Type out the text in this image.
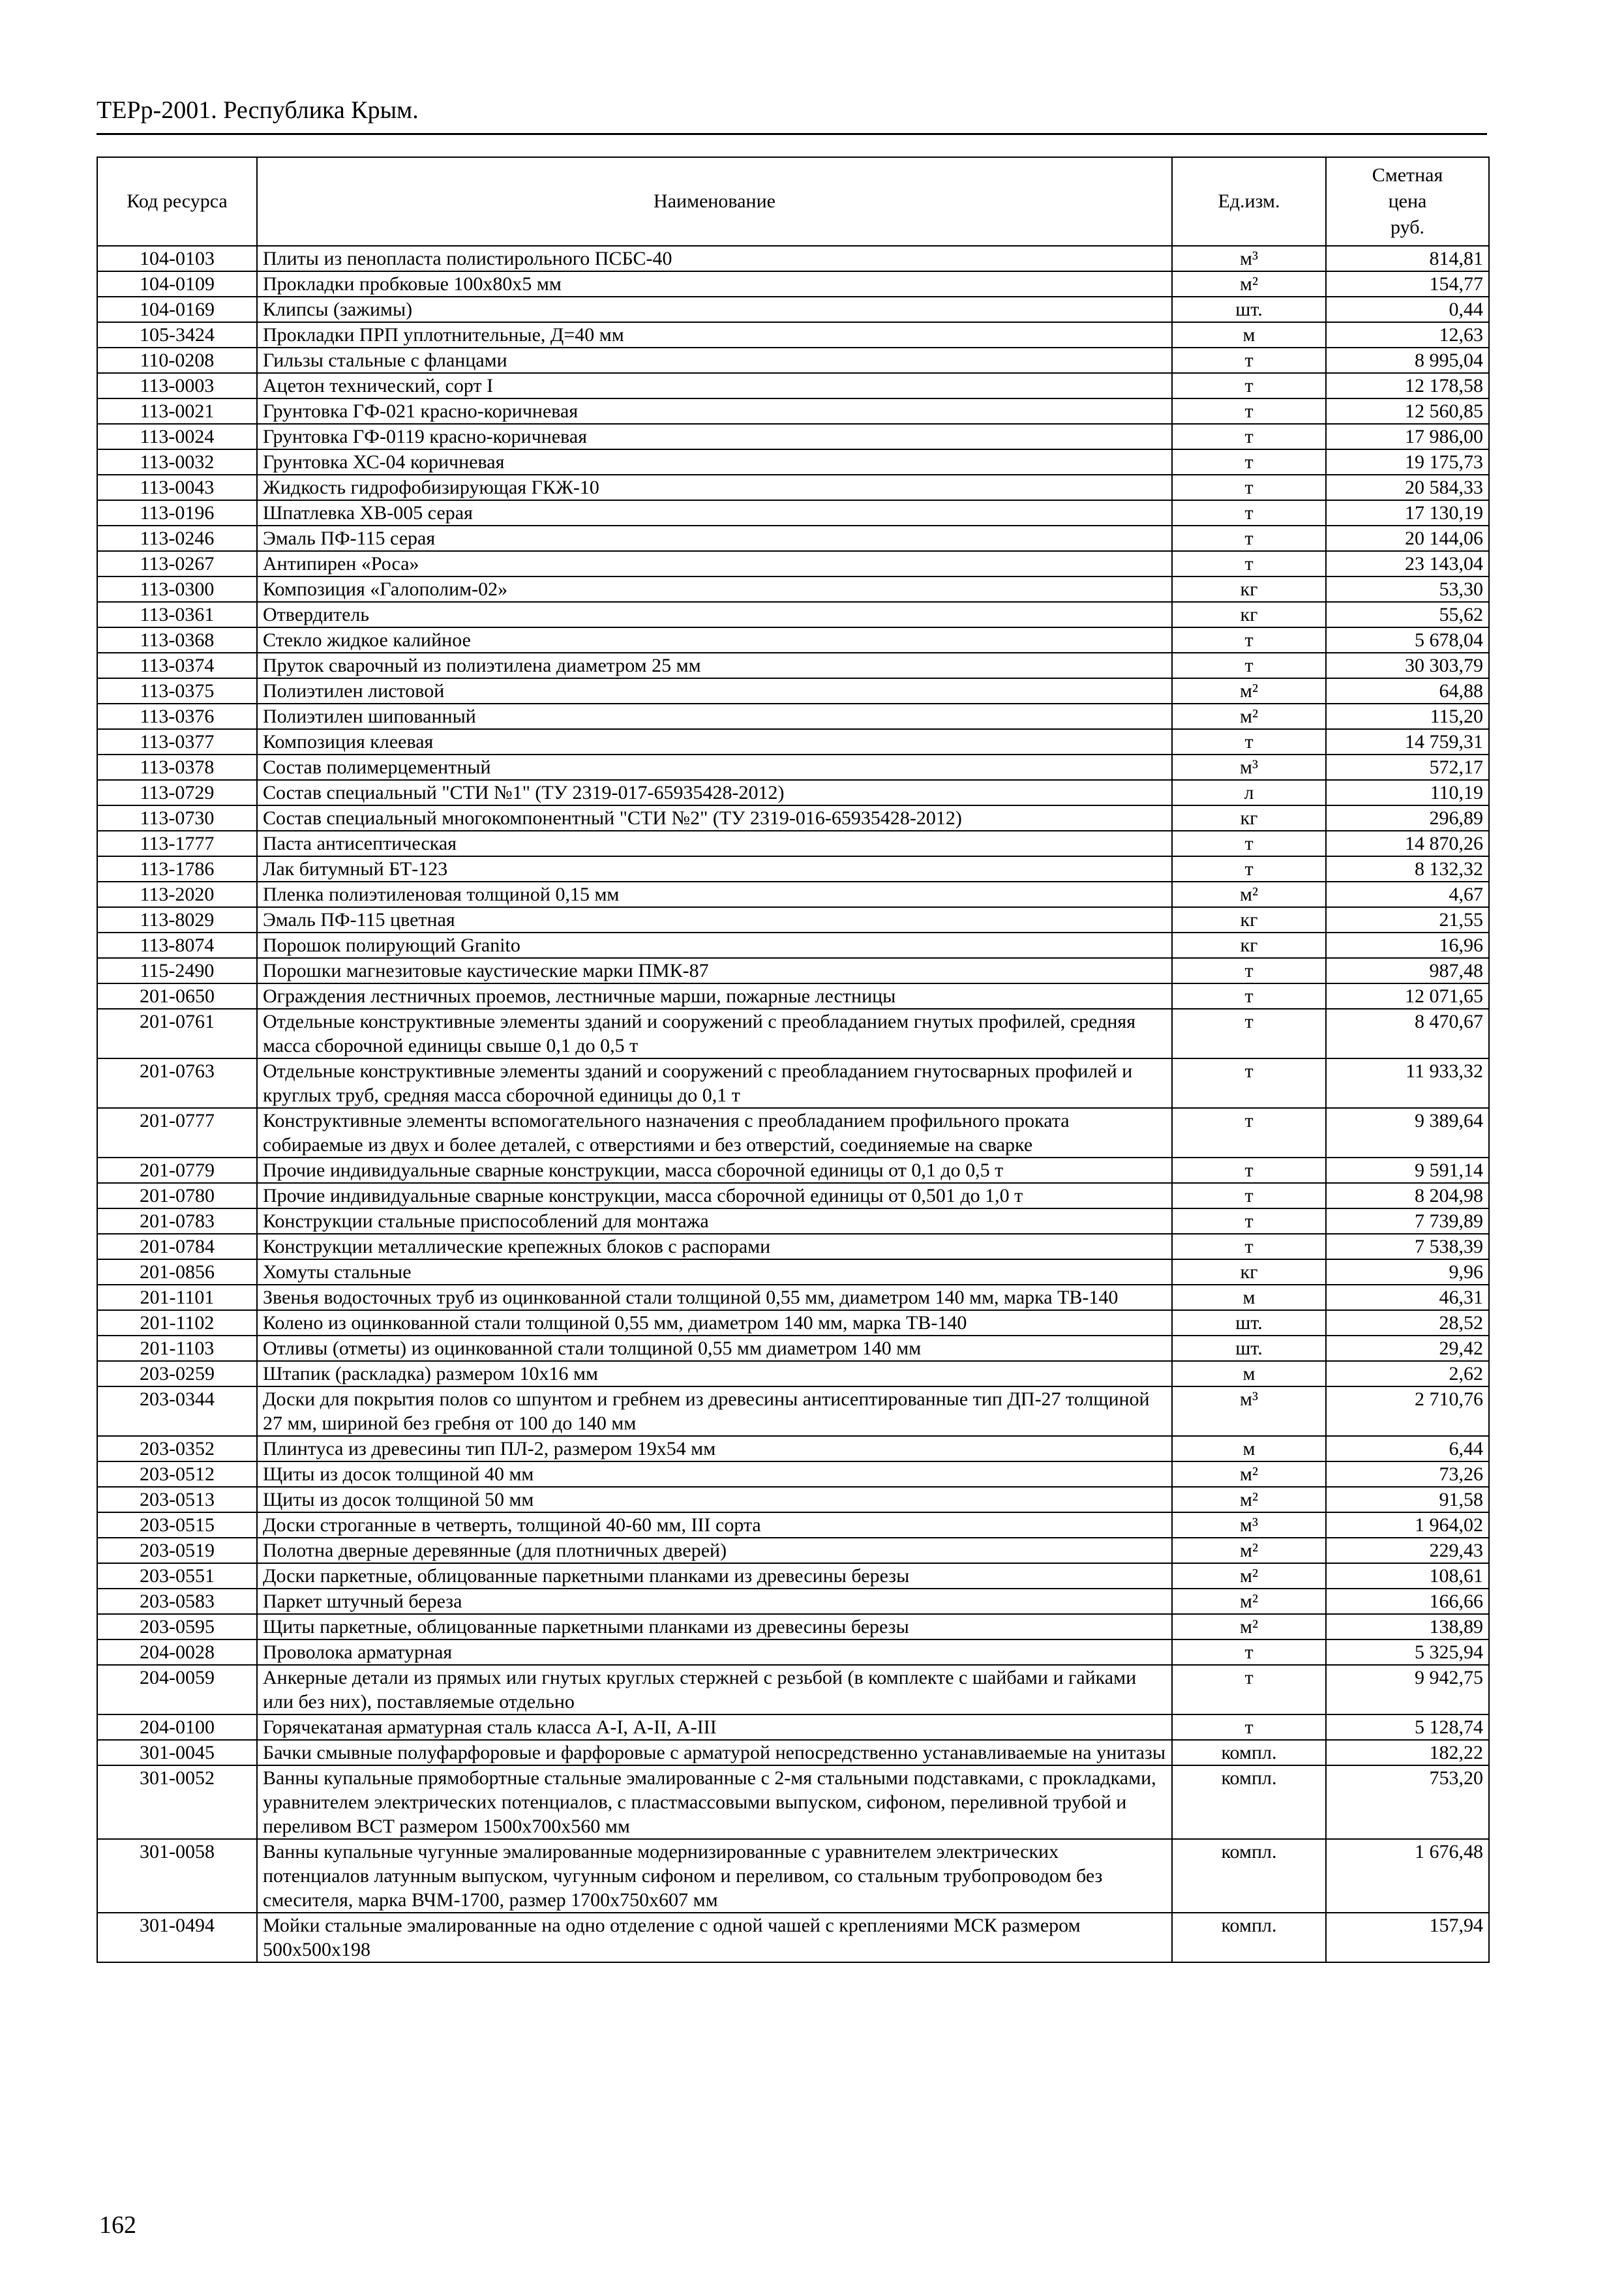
ТЕРр-2001. Республика Крым.
Код ресурса	Наименование	Ед.изм.	Сметная
цена
руб.
104-0103	Плиты из пенопласта полистирольного ПСБС-40	м³	814,81
104-0109	Прокладки пробковые 100х80х5 мм	м²	154,77
104-0169	Клипсы (зажимы)	шт.	0,44
105-3424	Прокладки ПРП уплотнительные, Д=40 мм	м	12,63
110-0208	Гильзы стальные с фланцами	т	8 995,04
113-0003	Ацетон технический, сорт I	т	12 178,58
113-0021	Грунтовка ГФ-021 красно-коричневая	т	12 560,85
113-0024	Грунтовка ГФ-0119 красно-коричневая	т	17 986,00
113-0032	Грунтовка ХС-04 коричневая	т	19 175,73
113-0043	Жидкость гидрофобизирующая ГКЖ-10	т	20 584,33
113-0196	Шпатлевка ХВ-005 серая	т	17 130,19
113-0246	Эмаль ПФ-115 серая	т	20 144,06
113-0267	Антипирен «Роса»	т	23 143,04
113-0300	Композиция «Галополим-02»	кг	53,30
113-0361	Отвердитель	кг	55,62
113-0368	Стекло жидкое калийное	т	5 678,04
113-0374	Пруток сварочный из полиэтилена диаметром 25 мм	т	30 303,79
113-0375	Полиэтилен листовой	м²	64,88
113-0376	Полиэтилен шипованный	м²	115,20
113-0377	Композиция клеевая	т	14 759,31
113-0378	Состав полимерцементный	м³	572,17
113-0729	Состав специальный "СТИ №1" (ТУ 2319-017-65935428-2012)	л	110,19
113-0730	Состав специальный многокомпонентный "СТИ №2" (ТУ 2319-016-65935428-2012)	кг	296,89
113-1777	Паста антисептическая	т	14 870,26
113-1786	Лак битумный БТ-123	т	8 132,32
113-2020	Пленка полиэтиленовая толщиной 0,15 мм	м²	4,67
113-8029	Эмаль ПФ-115 цветная	кг	21,55
113-8074	Порошок полирующий Granito	кг	16,96
115-2490	Порошки магнезитовые каустические марки ПМК-87	т	987,48
201-0650	Ограждения лестничных проемов, лестничные марши, пожарные лестницы	т	12 071,65
201-0761	Отдельные конструктивные элементы зданий и сооружений с преобладанием гнутых профилей, средняя масса сборочной единицы свыше 0,1 до 0,5 т	т	8 470,67
201-0763	Отдельные конструктивные элементы зданий и сооружений с преобладанием гнутосварных профилей и круглых труб, средняя масса сборочной единицы до 0,1 т	т	11 933,32
201-0777	Конструктивные элементы вспомогательного назначения с преобладанием профильного проката собираемые из двух и более деталей, с отверстиями и без отверстий, соединяемые на сварке	т	9 389,64
201-0779	Прочие индивидуальные сварные конструкции, масса сборочной единицы от 0,1 до 0,5 т	т	9 591,14
201-0780	Прочие индивидуальные сварные конструкции, масса сборочной единицы от 0,501 до 1,0 т	т	8 204,98
201-0783	Конструкции стальные приспособлений для монтажа	т	7 739,89
201-0784	Конструкции металлические крепежных блоков с распорами	т	7 538,39
201-0856	Хомуты стальные	кг	9,96
201-1101	Звенья водосточных труб из оцинкованной стали толщиной 0,55 мм, диаметром 140 мм, марка ТВ-140	м	46,31
201-1102	Колено из оцинкованной стали толщиной 0,55 мм, диаметром 140 мм, марка ТВ-140	шт.	28,52
201-1103	Отливы (отметы) из оцинкованной стали толщиной 0,55 мм диаметром 140 мм	шт.	29,42
203-0259	Штапик (раскладка) размером 10х16 мм	м	2,62
203-0344	Доски для покрытия полов со шпунтом и гребнем из древесины антисептированные тип ДП-27 толщиной 27 мм, шириной без гребня от 100 до 140 мм	м³	2 710,76
203-0352	Плинтуса из древесины тип ПЛ-2, размером 19х54 мм	м	6,44
203-0512	Щиты из досок толщиной 40 мм	м²	73,26
203-0513	Щиты из досок толщиной 50 мм	м²	91,58
203-0515	Доски строганные в четверть, толщиной 40-60 мм, III сорта	м³	1 964,02
203-0519	Полотна дверные деревянные (для плотничных дверей)	м²	229,43
203-0551	Доски паркетные, облицованные паркетными планками из древесины березы	м²	108,61
203-0583	Паркет штучный береза	м²	166,66
203-0595	Щиты паркетные, облицованные паркетными планками из древесины березы	м²	138,89
204-0028	Проволока арматурная	т	5 325,94
204-0059	Анкерные детали из прямых или гнутых круглых стержней с резьбой (в комплекте с шайбами и гайками или без них), поставляемые отдельно	т	9 942,75
204-0100	Горячекатаная арматурная сталь класса А-I, А-II, А-III	т	5 128,74
301-0045	Бачки смывные полуфарфоровые и фарфоровые с арматурой непосредственно устанавливаемые на унитазы	компл.	182,22
301-0052	Ванны купальные прямобортные стальные эмалированные с 2-мя стальными подставками, с прокладками, уравнителем электрических потенциалов, с пластмассовыми выпуском, сифоном, переливной трубой и переливом ВСТ размером 1500х700х560 мм	компл.	753,20
301-0058	Ванны купальные чугунные эмалированные модернизированные с уравнителем электрических потенциалов латунным выпуском, чугунным сифоном и переливом, со стальным трубопроводом без смесителя, марка ВЧМ-1700, размер 1700х750х607 мм	компл.	1 676,48
301-0494	Мойки стальные эмалированные на одно отделение с одной чашей с креплениями МСК размером 500х500х198	компл.	157,94
162
